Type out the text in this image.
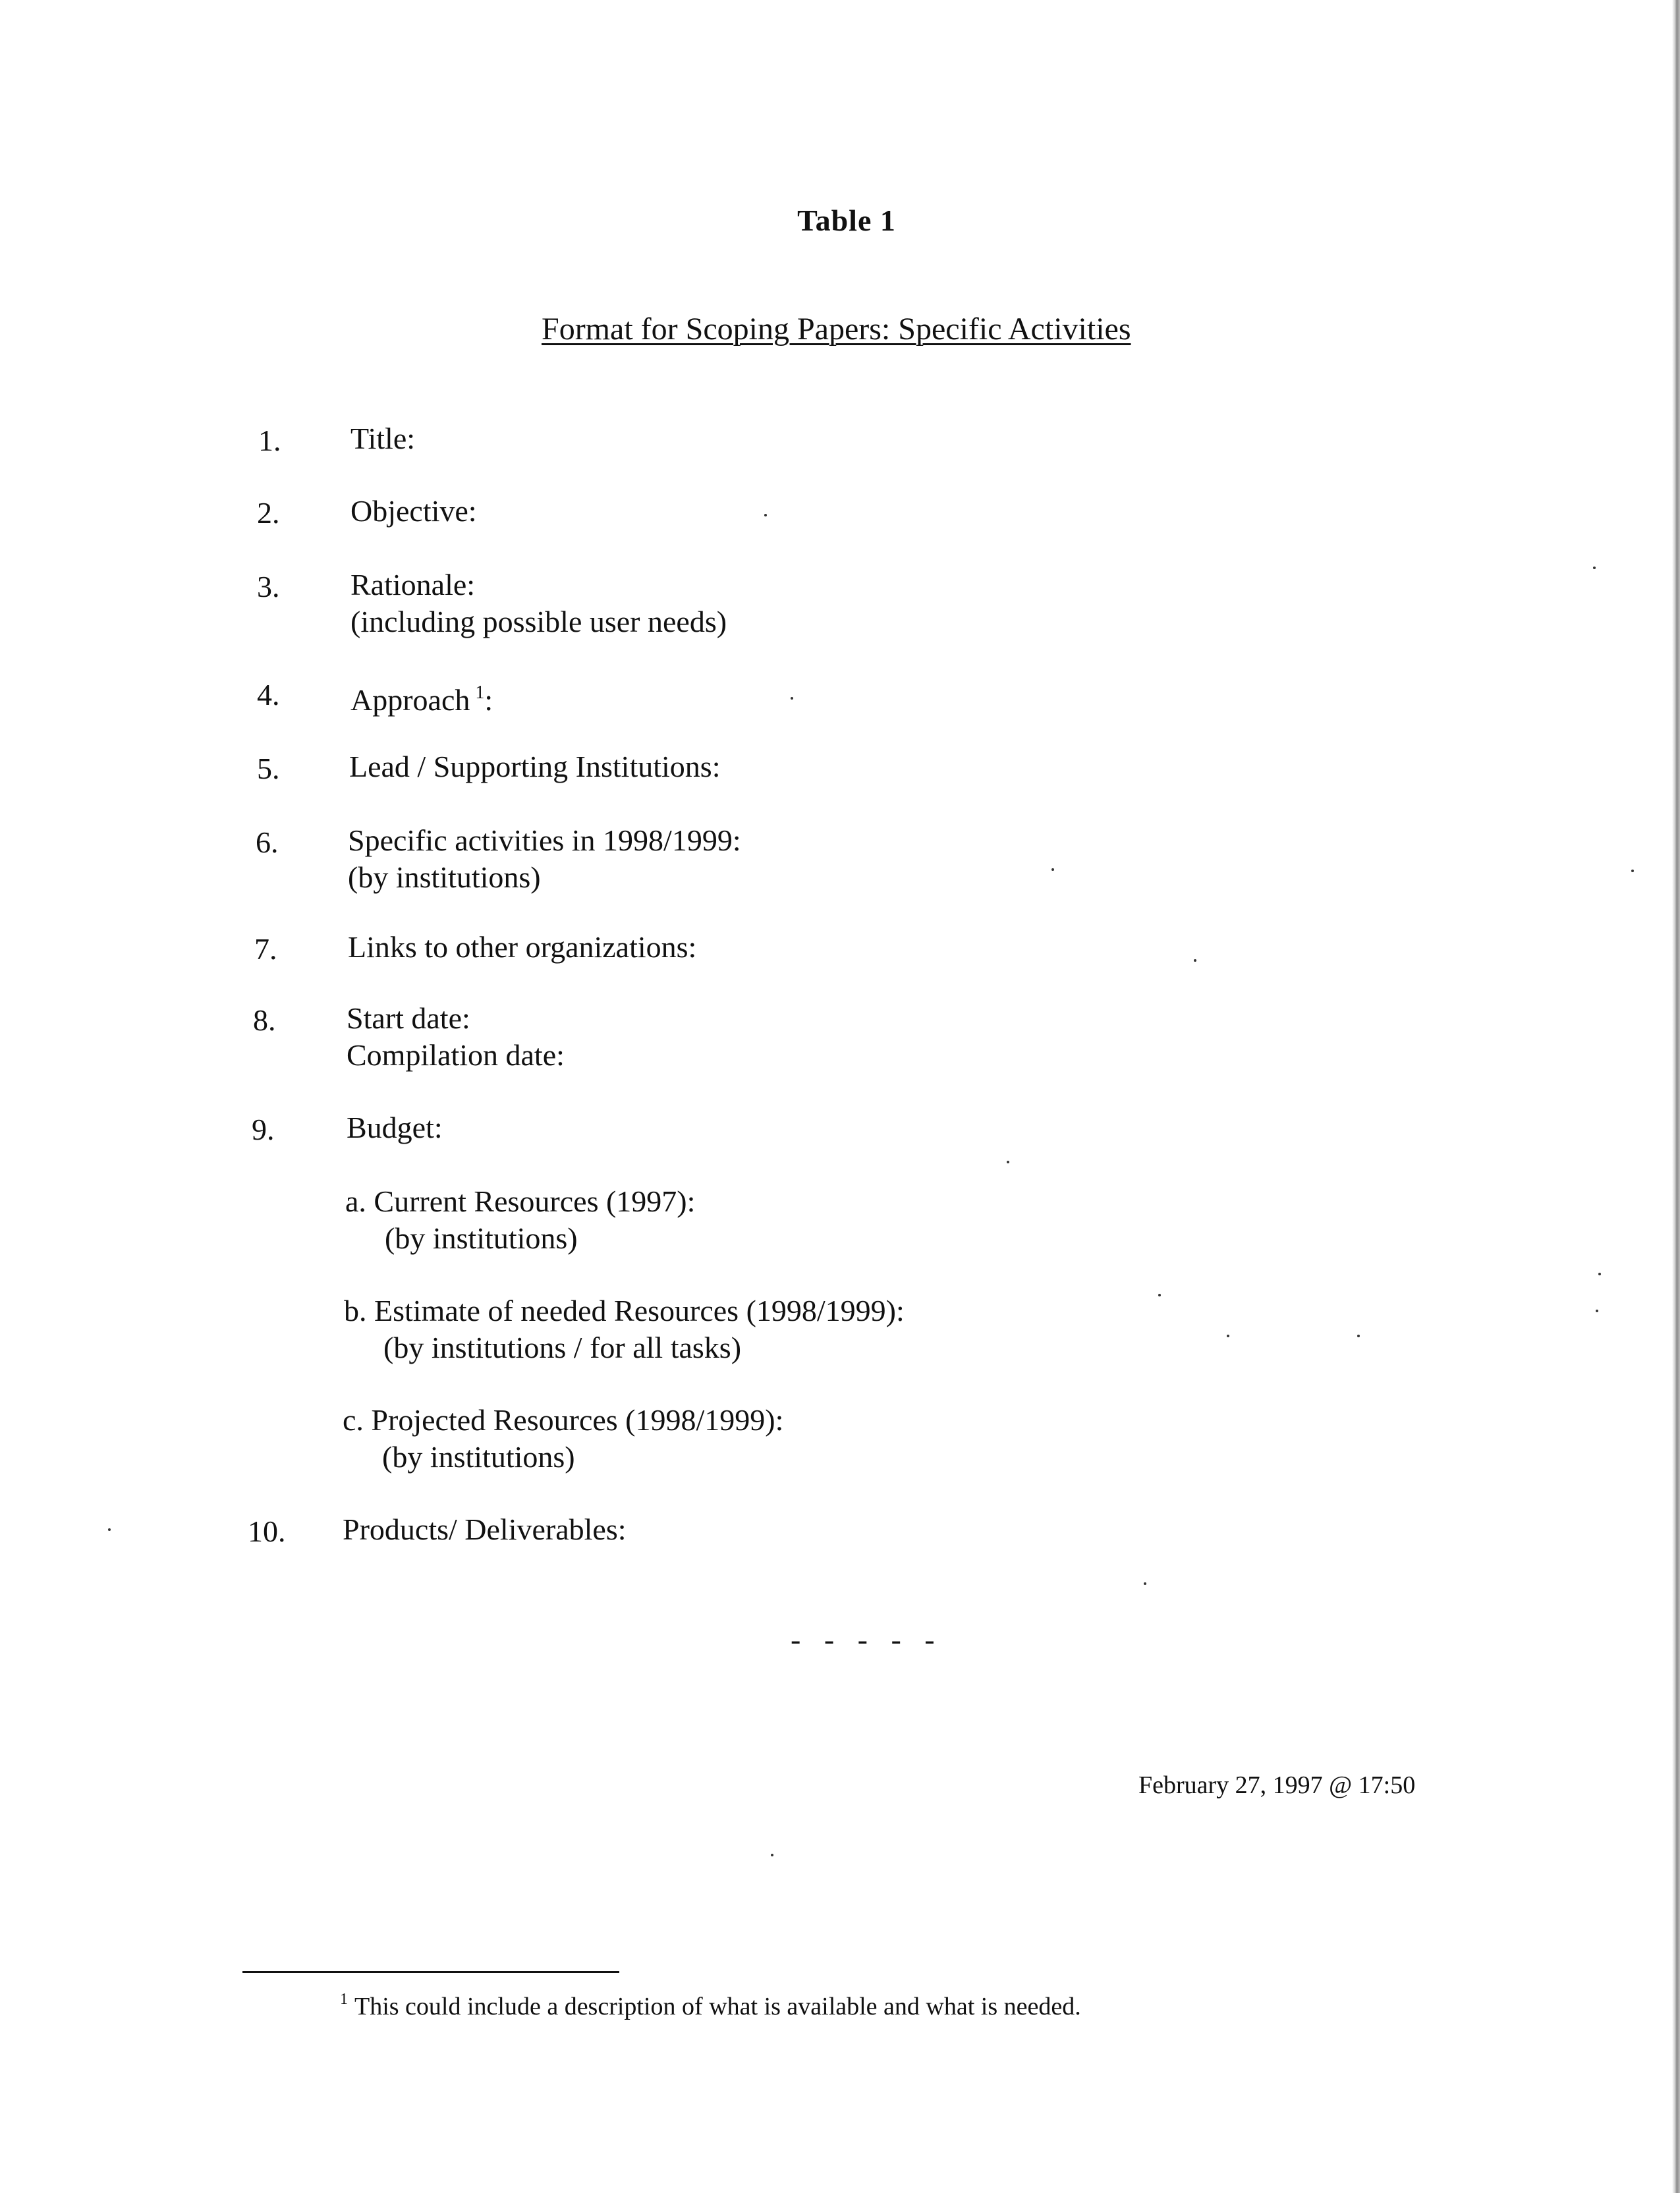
Table 1
Format for Scoping Papers: Specific Activities
1.	Title:
2.	Objective:
3.	Rationale:
(including possible user needs)
4.	Approach $^1$:
5.	Lead / Supporting Institutions:
6.	Specific activities in 1998/1999:
(by institutions)
7.	Links to other organizations:
8.	Start date:
Compilation date:
9.	Budget:
a. Current Resources (1997):
(by institutions)
b. Estimate of needed Resources (1998/1999):
(by institutions / for all tasks)
c. Projected Resources (1998/1999):
(by institutions)
10.	Products/ Deliverables:
- - - - -
February 27, 1997 @ 17:50
$^1$ This could include a description of what is available and what is needed.
